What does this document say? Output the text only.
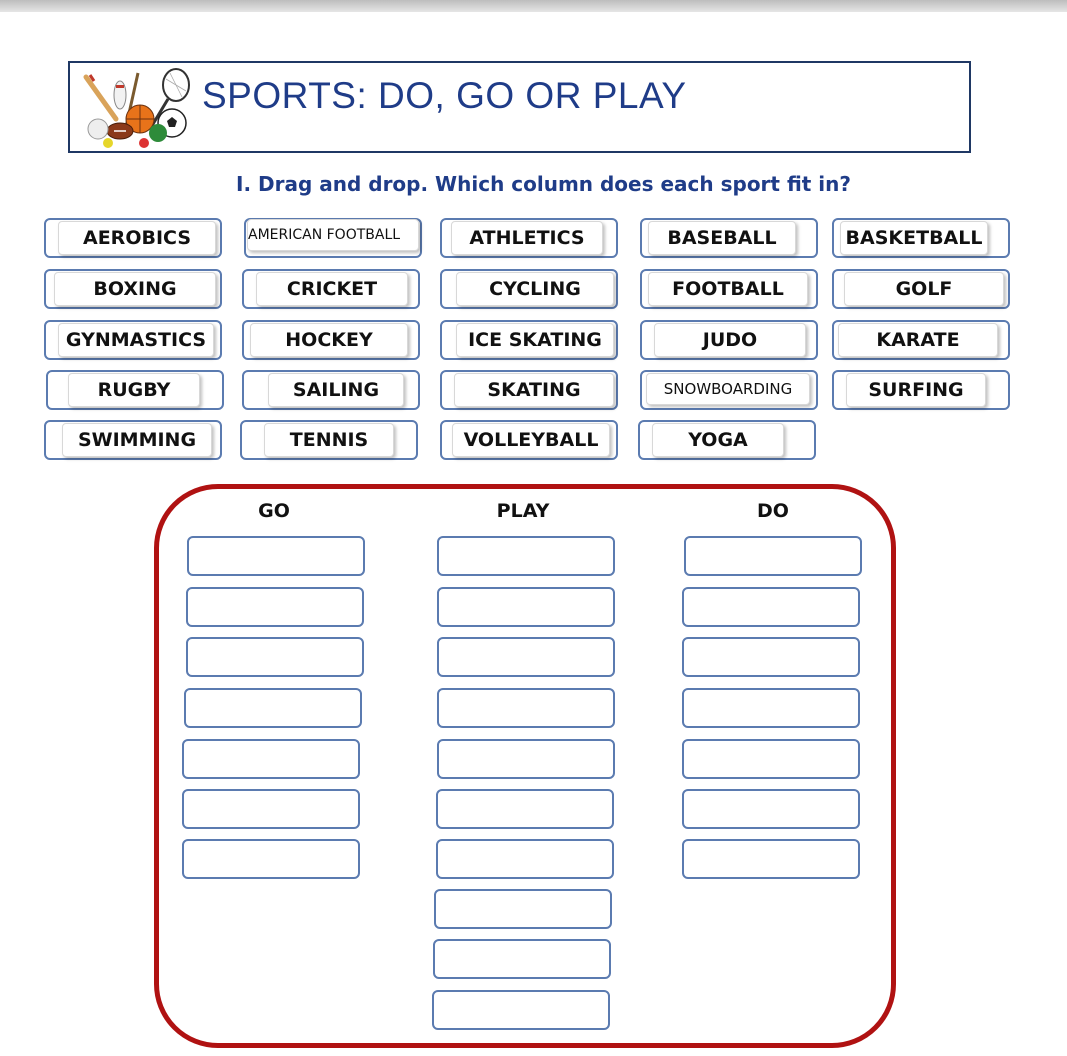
SPORTS: DO, GO OR PLAY
I. Drag and drop. Which column does each sport fit in?
AEROBICS	AMERICAN FOOTBALL	ATHLETICS	BASEBALL	BASKETBALL
BOXING	CRICKET	CYCLING	FOOTBALL	GOLF
GYNMASTICS	HOCKEY	ICE SKATING	JUDO	KARATE
RUGBY	SAILING	SKATING	SNOWBOARDING	SURFING
SWIMMING	TENNIS	VOLLEYBALL	YOGA
GO	PLAY	DO
